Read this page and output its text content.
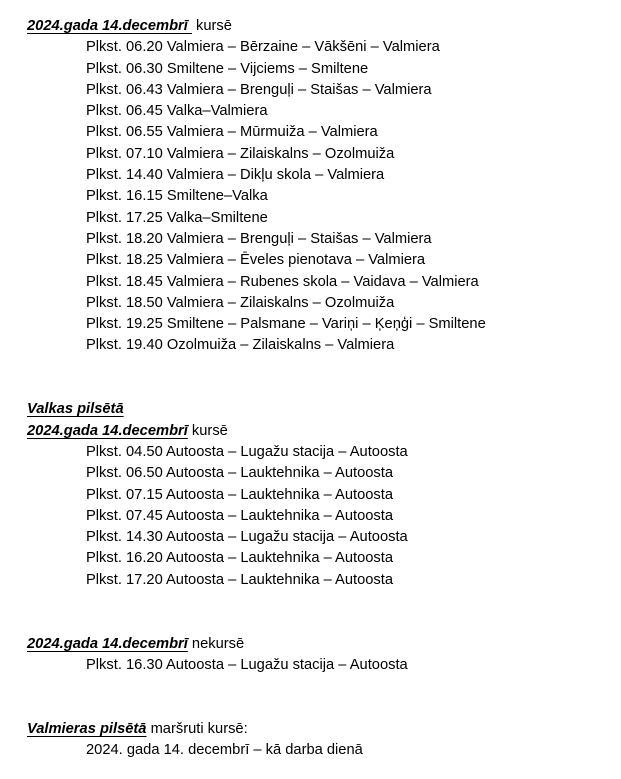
2024.gada 14.decembrī  kursē

Plkst. 06.20 Valmiera – Bērzaine – Vākšēni – Valmiera

Plkst. 06.30 Smiltene – Vijciems – Smiltene

Plkst. 06.43 Valmiera – Brenguļi – Staišas – Valmiera

Plkst. 06.45 Valka–Valmiera

Plkst. 06.55 Valmiera – Mūrmuiža – Valmiera

Plkst. 07.10 Valmiera – Zilaiskalns – Ozolmuiža

Plkst. 14.40 Valmiera – Dikļu skola – Valmiera

Plkst. 16.15 Smiltene–Valka

Plkst. 17.25 Valka–Smiltene

Plkst. 18.20 Valmiera – Brenguļi – Staišas – Valmiera

Plkst. 18.25 Valmiera – Ēveles pienotava – Valmiera

Plkst. 18.45 Valmiera – Rubenes skola – Vaidava – Valmiera

Plkst. 18.50 Valmiera – Zilaiskalns – Ozolmuiža

Plkst. 19.25 Smiltene – Palsmane – Variņi – Ķeņģi – Smiltene

Plkst. 19.40 Ozolmuiža – Zilaiskalns – Valmiera

Valkas pilsētā

2024.gada 14.decembrī kursē

Plkst. 04.50 Autoosta – Lugažu stacija – Autoosta

Plkst. 06.50 Autoosta – Lauktehnika – Autoosta

Plkst. 07.15 Autoosta – Lauktehnika – Autoosta

Plkst. 07.45 Autoosta – Lauktehnika – Autoosta

Plkst. 14.30 Autoosta – Lugažu stacija – Autoosta

Plkst. 16.20 Autoosta – Lauktehnika – Autoosta

Plkst. 17.20 Autoosta – Lauktehnika – Autoosta

2024.gada 14.decembrī nekursē

Plkst. 16.30 Autoosta – Lugažu stacija – Autoosta

Valmieras pilsētā maršruti kursē:

2024. gada 14. decembrī – kā darba dienā
